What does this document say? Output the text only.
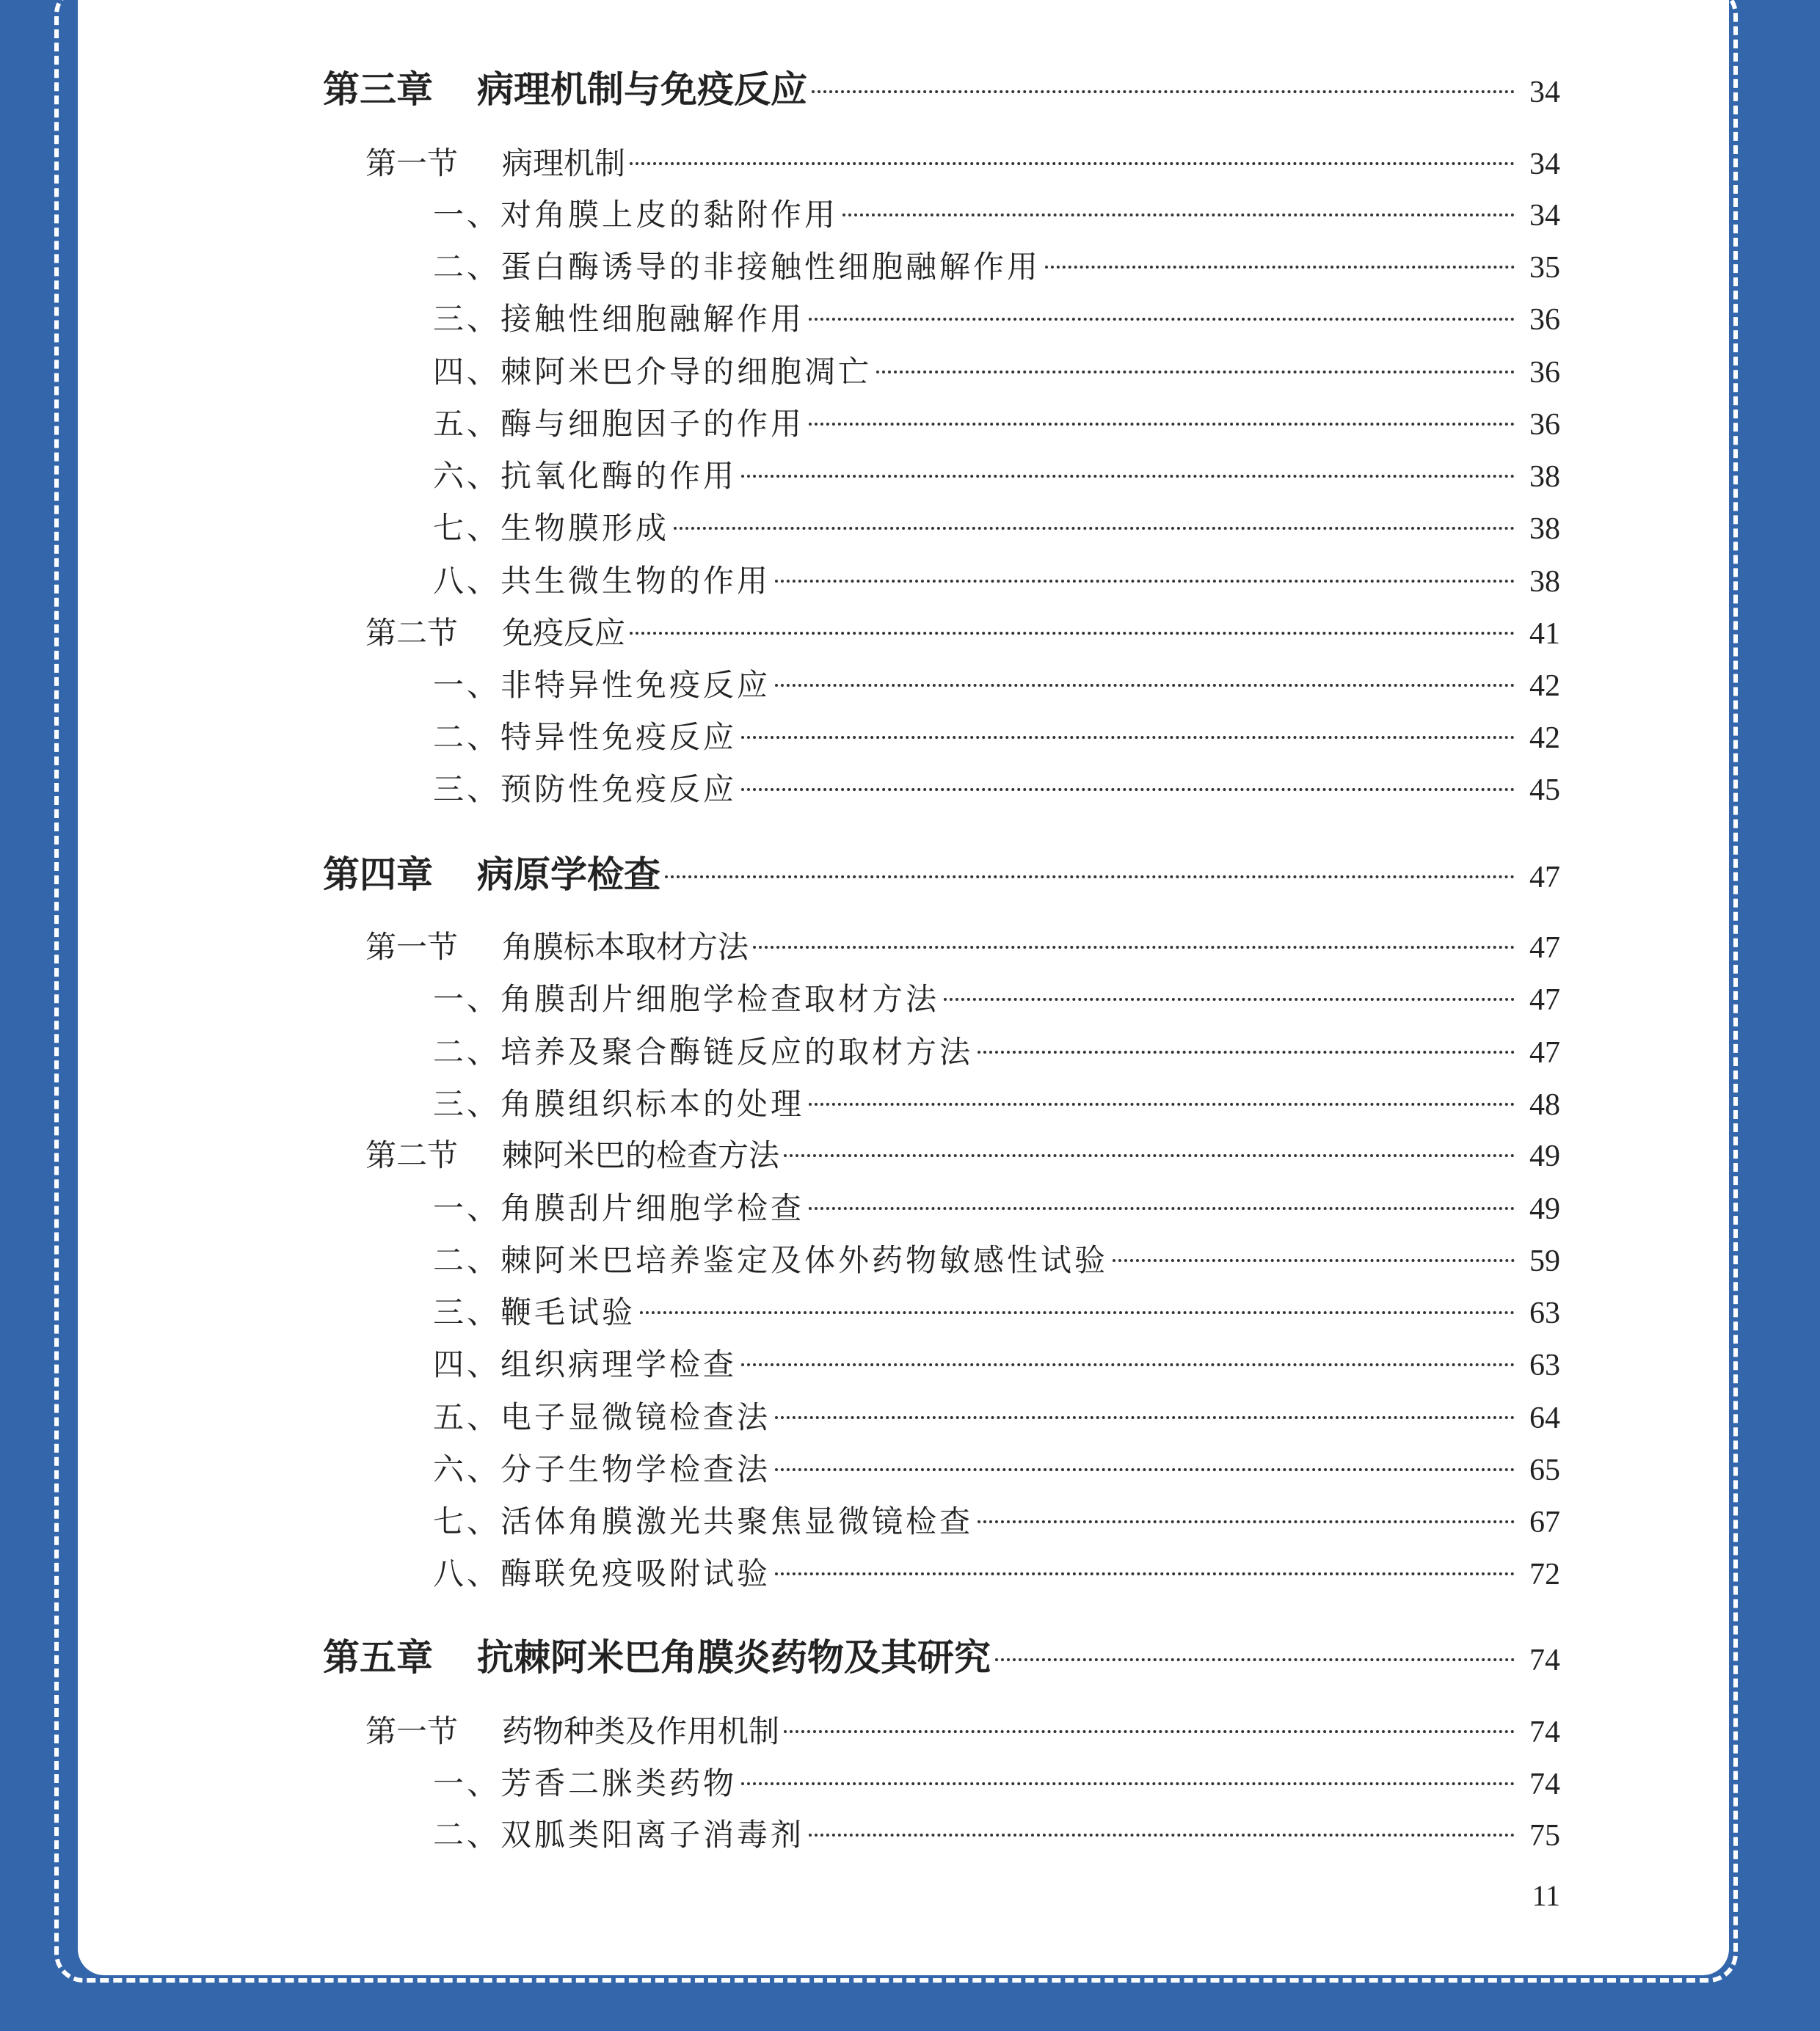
第三章	病理机制与免疫反应	34
第一节	病理机制	34
一、对角膜上皮的黏附作用	34
二、蛋白酶诱导的非接触性细胞融解作用	35
三、接触性细胞融解作用	36
四、棘阿米巴介导的细胞凋亡	36
五、酶与细胞因子的作用	36
六、抗氧化酶的作用	38
七、生物膜形成	38
八、共生微生物的作用	38
第二节	免疫反应	41
一、非特异性免疫反应	42
二、特异性免疫反应	42
三、预防性免疫反应	45
第四章	病原学检查	47
第一节	角膜标本取材方法	47
一、角膜刮片细胞学检查取材方法	47
二、培养及聚合酶链反应的取材方法	47
三、角膜组织标本的处理	48
第二节	棘阿米巴的检查方法	49
一、角膜刮片细胞学检查	49
二、棘阿米巴培养鉴定及体外药物敏感性试验	59
三、鞭毛试验	63
四、组织病理学检查	63
五、电子显微镜检查法	64
六、分子生物学检查法	65
七、活体角膜激光共聚焦显微镜检查	67
八、酶联免疫吸附试验	72
第五章	抗棘阿米巴角膜炎药物及其研究	74
第一节	药物种类及作用机制	74
一、芳香二脒类药物	74
二、双胍类阳离子消毒剂	75
11
